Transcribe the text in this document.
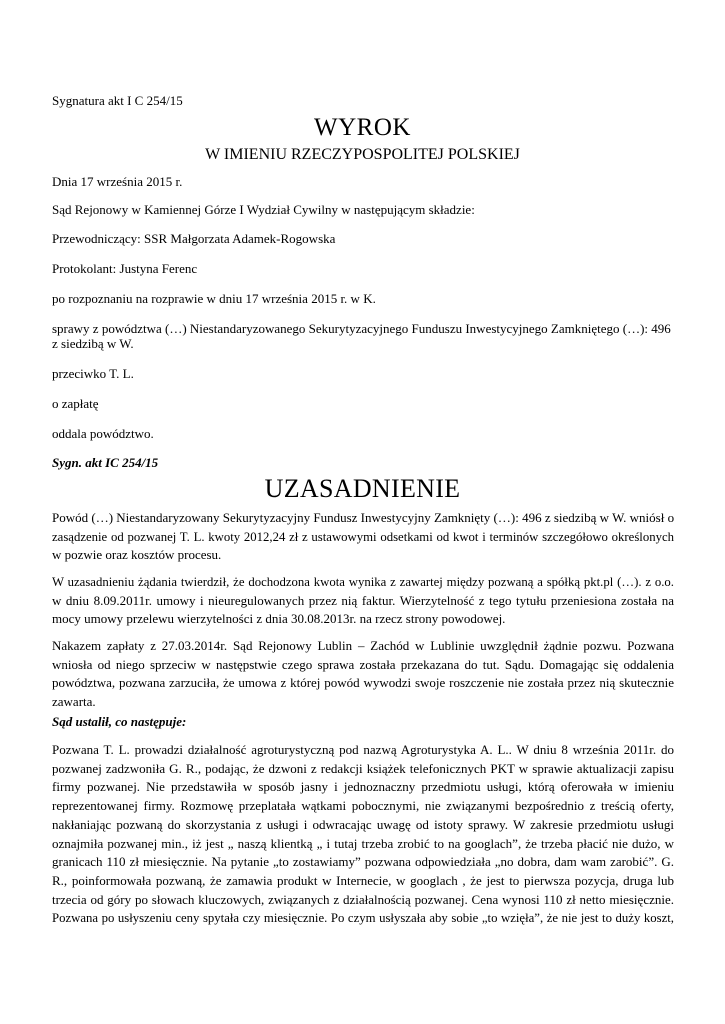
Sygnatura akt I C 254/15
WYROK
W IMIENIU RZECZYPOSPOLITEJ POLSKIEJ
Dnia 17 września 2015 r.
Sąd Rejonowy w Kamiennej Górze I Wydział Cywilny w następującym składzie:
Przewodniczący: SSR Małgorzata Adamek-Rogowska
Protokolant: Justyna Ferenc
po rozpoznaniu na rozprawie w dniu 17 września 2015 r. w K.
sprawy z powództwa (…) Niestandaryzowanego Sekurytyzacyjnego Funduszu Inwestycyjnego Zamkniętego (…): 496
z siedzibą w W.
przeciwko T. L.
o zapłatę
oddala powództwo.
Sygn. akt IC 254/15
UZASADNIENIE
Powód (…) Niestandaryzowany Sekurytyzacyjny Fundusz Inwestycyjny Zamknięty (…): 496 z siedzibą w W. wniósł o
zasądzenie od pozwanej T. L. kwoty 2012,24 zł z ustawowymi odsetkami od kwot i terminów szczegółowo określonych
w pozwie oraz kosztów procesu.
W uzasadnieniu żądania twierdził, że dochodzona kwota wynika z zawartej między pozwaną a spółką pkt.pl (…). z o.o.
w dniu 8.09.2011r. umowy i nieuregulowanych przez nią faktur. Wierzytelność z tego tytułu przeniesiona została na
mocy umowy przelewu wierzytelności z dnia 30.08.2013r. na rzecz strony powodowej.
Nakazem zapłaty z 27.03.2014r. Sąd Rejonowy Lublin – Zachód w Lublinie uwzględnił żądnie pozwu. Pozwana
wniosła od niego sprzeciw w następstwie czego sprawa została przekazana do tut. Sądu. Domagając się oddalenia
powództwa, pozwana zarzuciła, że umowa z której powód wywodzi swoje roszczenie nie została przez nią skutecznie
zawarta.
Sąd ustalił, co następuje:
Pozwana T. L. prowadzi działalność agroturystyczną pod nazwą Agroturystyka A. L.. W dniu 8 września 2011r. do
pozwanej zadzwoniła G. R., podając, że dzwoni z redakcji książek telefonicznych PKT w sprawie aktualizacji zapisu
firmy pozwanej. Nie przedstawiła w sposób jasny i jednoznaczny przedmiotu usługi, którą oferowała w imieniu
reprezentowanej firmy. Rozmowę przeplatała wątkami pobocznymi, nie związanymi bezpośrednio z treścią oferty,
nakłaniając pozwaną do skorzystania z usługi i odwracając uwagę od istoty sprawy. W zakresie przedmiotu usługi
oznajmiła pozwanej min., iż jest „ naszą klientką „ i tutaj trzeba zrobić to na googlach”, że trzeba płacić nie dużo, w
granicach 110 zł miesięcznie. Na pytanie „to zostawiamy” pozwana odpowiedziała „no dobra, dam wam zarobić”. G.
R., poinformowała pozwaną, że zamawia produkt w Internecie, w googlach , że jest to pierwsza pozycja, druga lub
trzecia od góry po słowach kluczowych, związanych z działalnością pozwanej. Cena wynosi 110 zł netto miesięcznie.
Pozwana po usłyszeniu ceny spytała czy miesięcznie. Po czym usłyszała aby sobie „to wzięła”, że nie jest to duży koszt,
